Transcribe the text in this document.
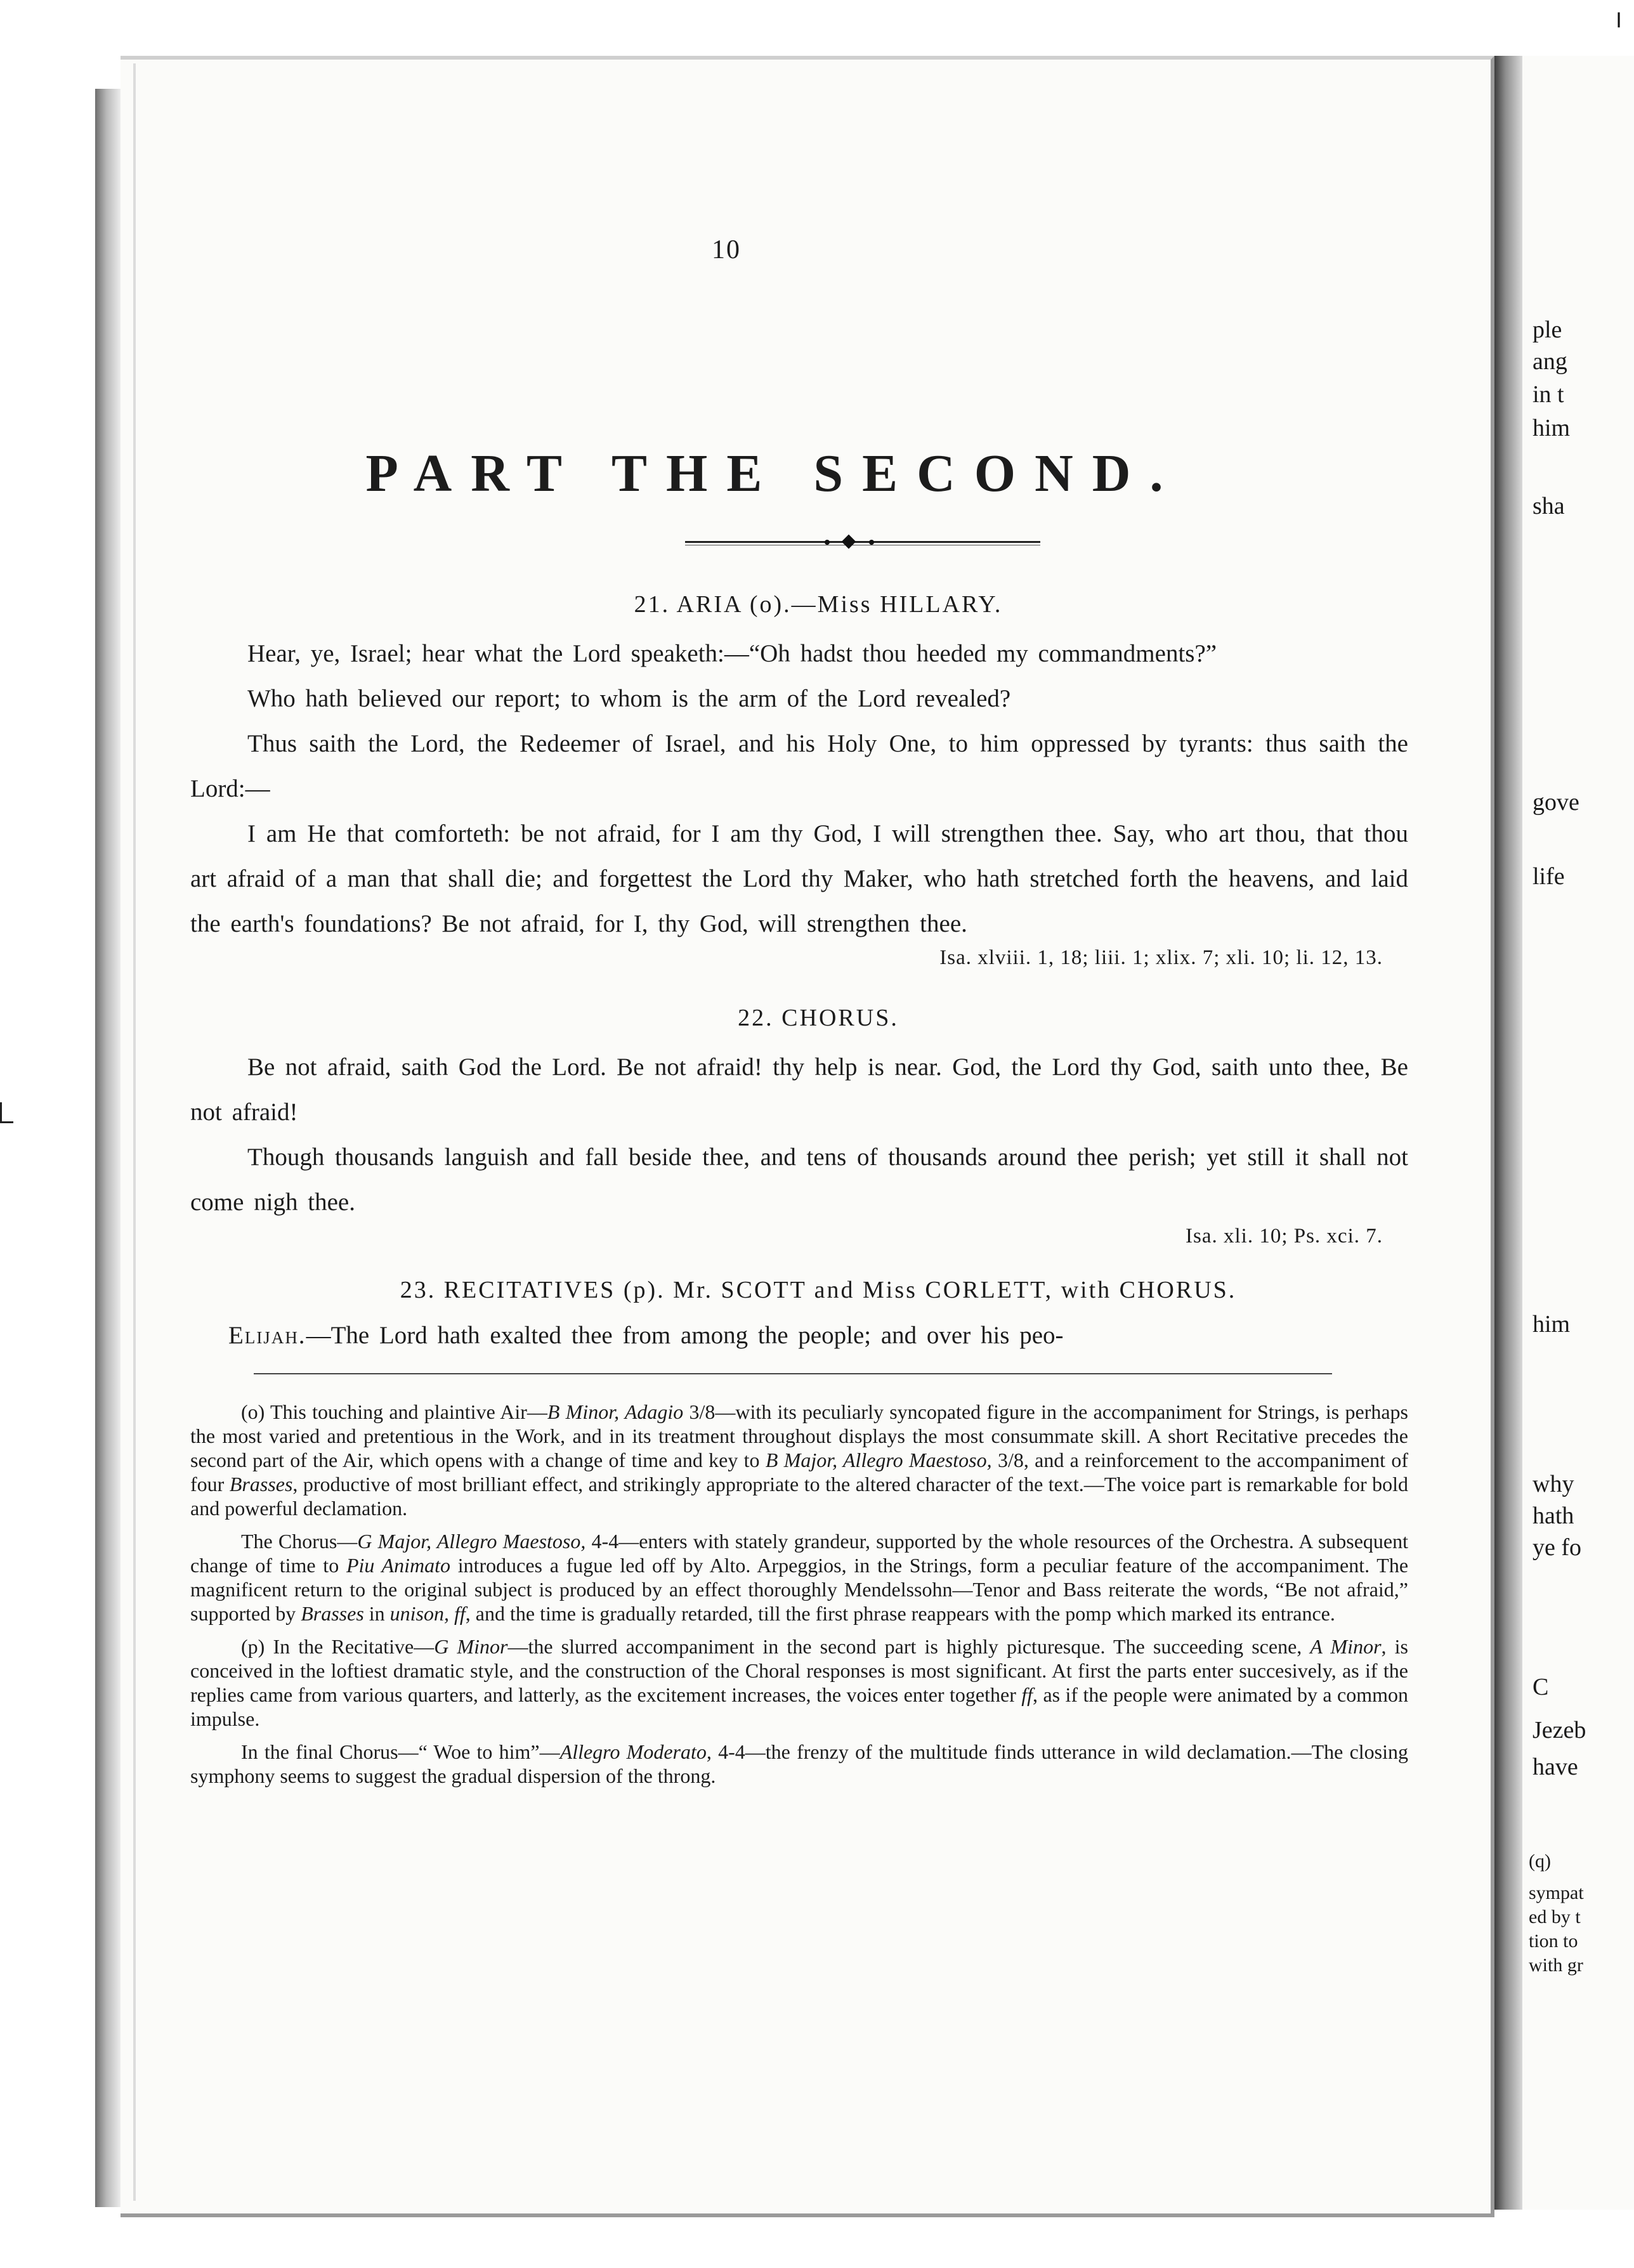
ple
ang
in t
him
sha
gove
life
him
why
hath
ye fo
C
Jezeb
have
(q)
sympat
ed by t
tion to
with gr
╵
10
PART THE SECOND.
21. ARIA (o).—Miss HILLARY.

Hear, ye, Israel; hear what the Lord speaketh:—“Oh hadst thou heeded my commandments?”

Who hath believed our report; to whom is the arm of the Lord revealed?

Thus saith the Lord, the Redeemer of Israel, and his Holy One, to him oppressed by tyrants: thus saith the Lord:—

I am He that comforteth: be not afraid, for I am thy God, I will strengthen thee. Say, who art thou, that thou art afraid of a man that shall die; and forgettest the Lord thy Maker, who hath stretched forth the heavens, and laid the earth's foundations? Be not afraid, for I, thy God, will strengthen thee.

Isa. xlviii. 1, 18; liii. 1; xlix. 7; xli. 10; li. 12, 13.
22. CHORUS.

Be not afraid, saith God the Lord. Be not afraid! thy help is near. God, the Lord thy God, saith unto thee, Be not afraid!

Though thousands languish and fall beside thee, and tens of thousands around thee perish; yet still it shall not come nigh thee.

Isa. xli. 10; Ps. xci. 7.
23. RECITATIVES (p). Mr. SCOTT and Miss CORLETT, with CHORUS.

Elijah.—The Lord hath exalted thee from among the people; and over his peo-

(o) This touching and plaintive Air—B Minor, Adagio 3/8—with its peculiarly syncopated figure in the accompaniment for Strings, is perhaps the most varied and pretentious in the Work, and in its treatment throughout displays the most consummate skill. A short Recitative precedes the second part of the Air, which opens with a change of time and key to B Major, Allegro Maestoso, 3/8, and a reinforcement to the accompaniment of four Brasses, productive of most brilliant effect, and strikingly appropriate to the altered character of the text.—The voice part is remarkable for bold and powerful declamation.

The Chorus—G Major, Allegro Maestoso, 4-4—enters with stately grandeur, supported by the whole resources of the Orchestra. A subsequent change of time to Piu Animato introduces a fugue led off by Alto. Arpeggios, in the Strings, form a peculiar feature of the accompaniment. The magnificent return to the original subject is produced by an effect thoroughly Mendelssohn—Tenor and Bass reiterate the words, “Be not afraid,” supported by Brasses in unison, ff, and the time is gradually retarded, till the first phrase reappears with the pomp which marked its entrance.

(p) In the Recitative—G Minor—the slurred accompaniment in the second part is highly picturesque. The succeeding scene, A Minor, is conceived in the loftiest dramatic style, and the construction of the Choral responses is most significant. At first the parts enter succesively, as if the replies came from various quarters, and latterly, as the excitement increases, the voices enter together ff, as if the people were animated by a common impulse.

In the final Chorus—“ Woe to him”—Allegro Moderato, 4-4—the frenzy of the multitude finds utterance in wild declamation.—The closing symphony seems to suggest the gradual dispersion of the throng.
